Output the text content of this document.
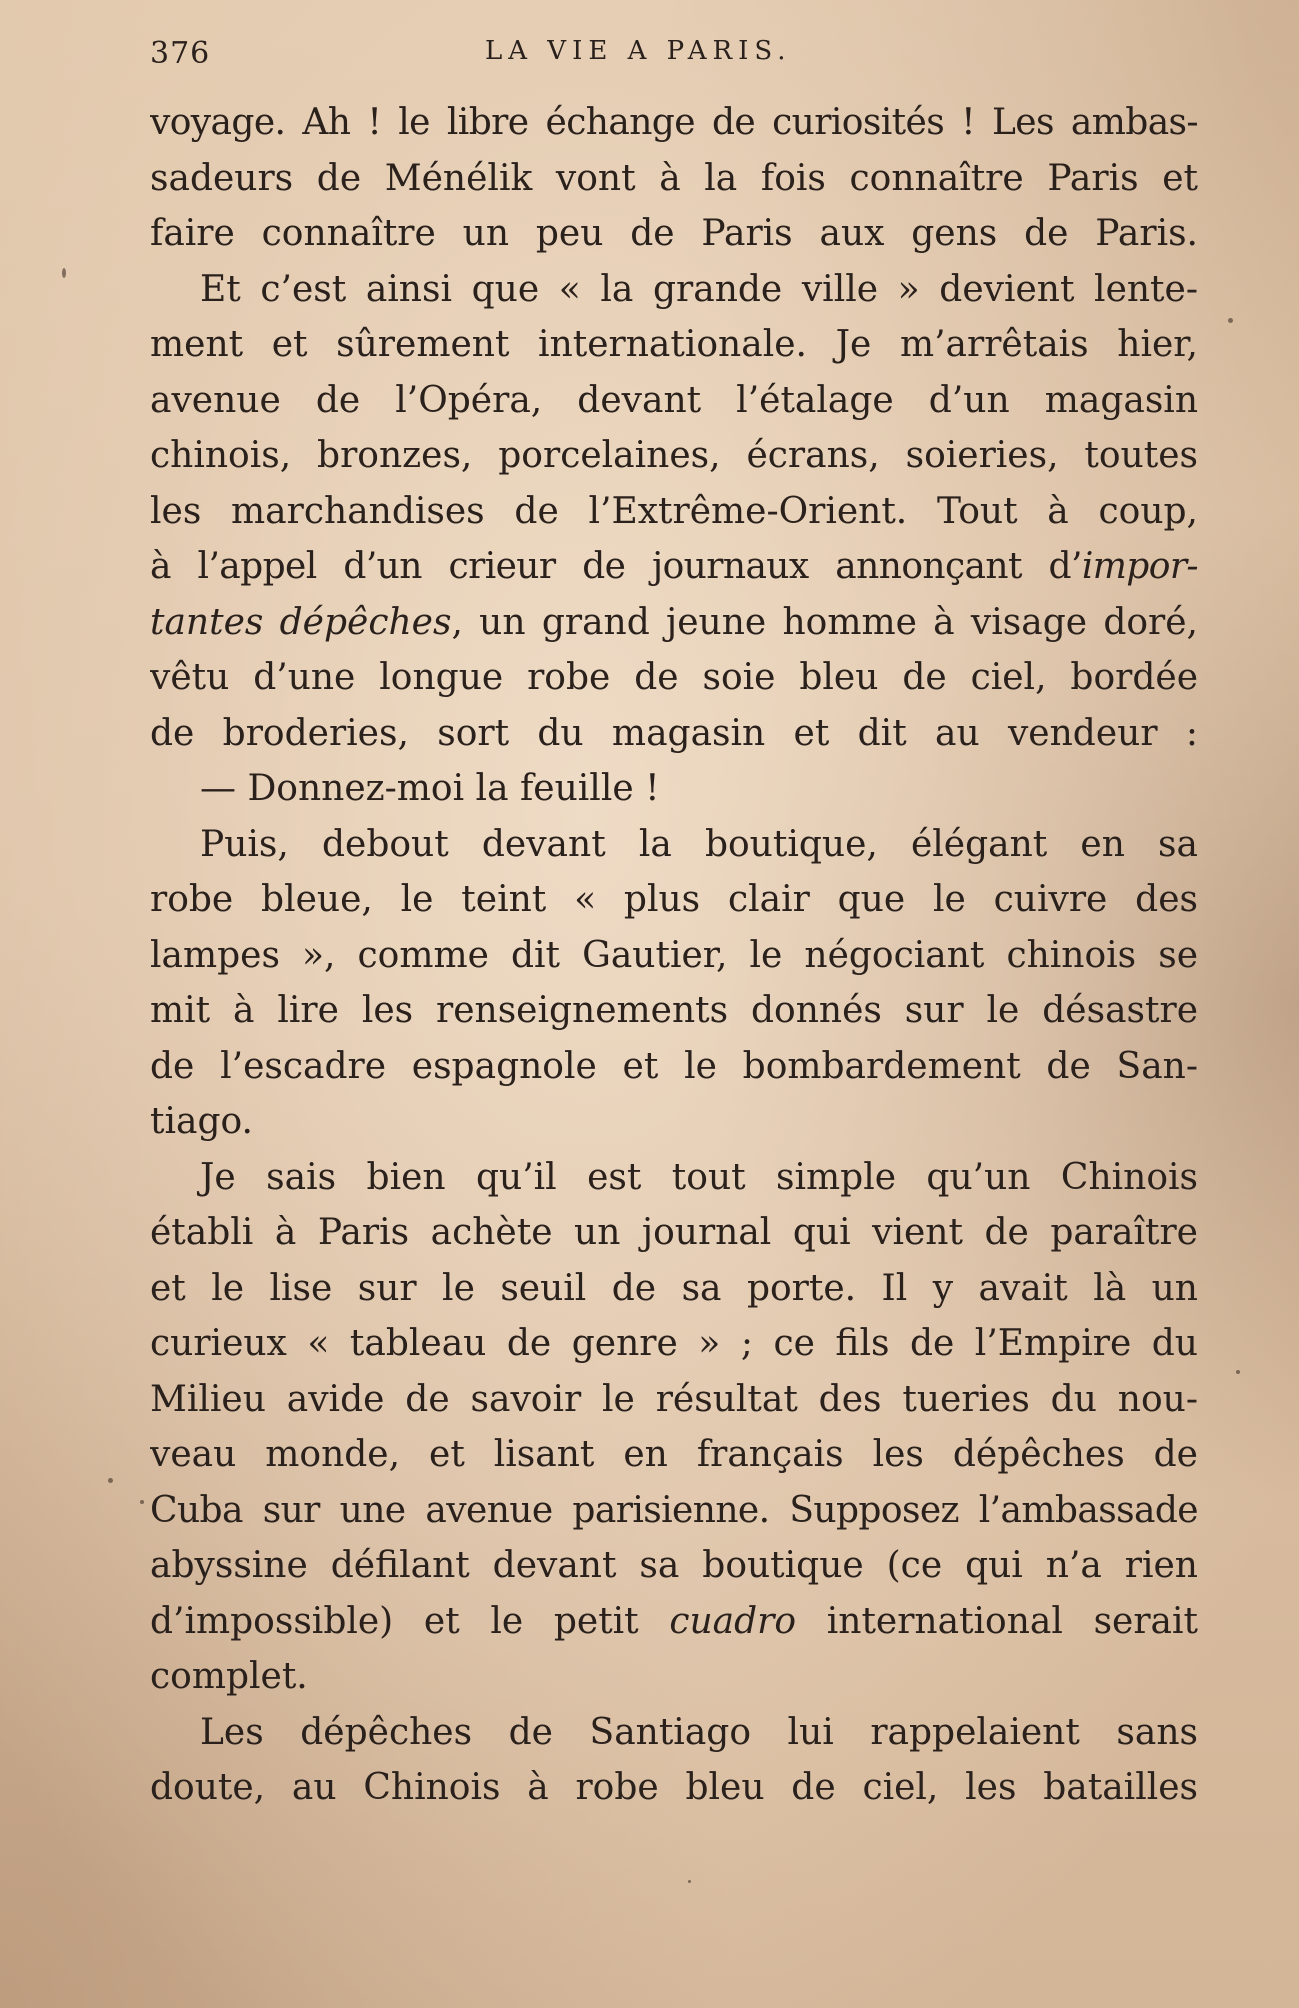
376	LA VIE A PARIS.
voyage. Ah ! le libre échange de curiosités ! Les ambas-
sadeurs de Ménélik vont à la fois connaître Paris et
faire connaître un peu de Paris aux gens de Paris.
Et c’est ainsi que « la grande ville » devient lente-
ment et sûrement internationale. Je m’arrêtais hier,
avenue de l’Opéra, devant l’étalage d’un magasin
chinois, bronzes, porcelaines, écrans, soieries, toutes
les marchandises de l’Extrême-Orient. Tout à coup,
à l’appel d’un crieur de journaux annonçant d’impor-
tantes dépêches, un grand jeune homme à visage doré,
vêtu d’une longue robe de soie bleu de ciel, bordée
de broderies, sort du magasin et dit au vendeur :
— Donnez-moi la feuille !
Puis, debout devant la boutique, élégant en sa
robe bleue, le teint « plus clair que le cuivre des
lampes », comme dit Gautier, le négociant chinois se
mit à lire les renseignements donnés sur le désastre
de l’escadre espagnole et le bombardement de San-
tiago.
Je sais bien qu’il est tout simple qu’un Chinois
établi à Paris achète un journal qui vient de paraître
et le lise sur le seuil de sa porte. Il y avait là un
curieux « tableau de genre » ; ce fils de l’Empire du
Milieu avide de savoir le résultat des tueries du nou-
veau monde, et lisant en français les dépêches de
Cuba sur une avenue parisienne. Supposez l’ambassade
abyssine défilant devant sa boutique (ce qui n’a rien
d’impossible) et le petit cuadro international serait
complet.
Les dépêches de Santiago lui rappelaient sans
doute, au Chinois à robe bleu de ciel, les batailles
